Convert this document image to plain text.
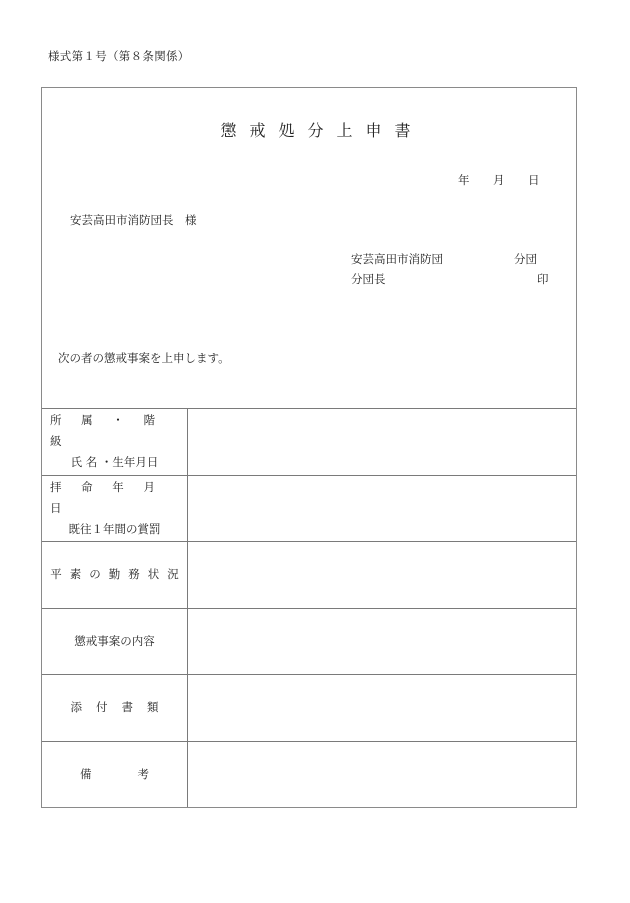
様式第１号（第８条関係）
懲戒処分上申書
年 月 日
安芸高田市消防団長　様
安芸高田市消防団	分団
分団長	印
次の者の懲戒事案を上申します。
所 属 ・ 階 級
氏 名 ・生年月日
拝 命 年 月 日
既往１年間の賞罰
平素の勤務状況
懲戒事案の内容
添付書類
備　　　　考
